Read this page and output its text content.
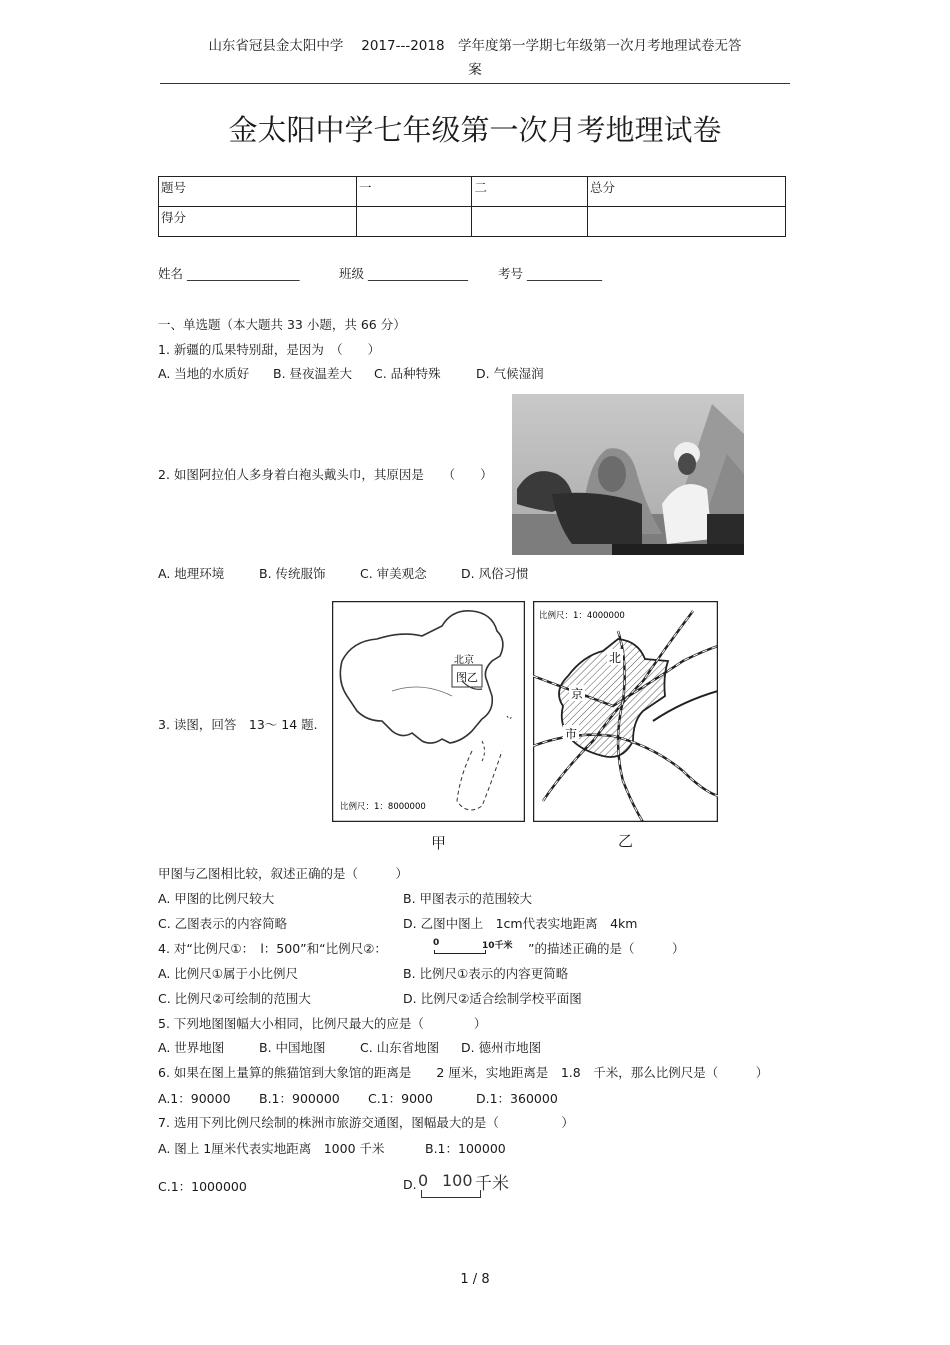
山东省冠县金太阳中学　 2017---2018　学年度第一学期七年级第一次月考地理试卷无答
案
金太阳中学七年级第一次月考地理试卷
题号	一	二	总分
得分			
姓名 __________________	班级 ________________ 考号 ____________
一、单选题（本大题共 33 小题，共 66 分）
1. 新疆的瓜果特别甜，是因为　（　　）
A. 当地的水质好 B. 昼夜温差大 C. 品种特殊	D. 气候湿润
2. 如图阿拉伯人多身着白袍头戴头巾，其原因是　　（　　）
A. 地理环境	B. 传统服饰	C. 审美观念	D. 风俗习惯
3. 读图，回答　13～ 14 题.
北京
图乙
比例尺：1：8000000
北
京
市
比例尺：1：4000000
甲	乙
甲图与乙图相比较，叙述正确的是（　　　）
A. 甲图的比例尺较大	B. 甲图表示的范围较大
C. 乙图表示的内容简略	D. 乙图中图上　1cm代表实地距离　4km
4. 对“比例尺①：　l：500”和“比例尺②：	0	10千米 ”的描述正确的是（　　　）
A. 比例尺①属于小比例尺	B. 比例尺①表示的内容更简略
C. 比例尺②可绘制的范围大	D. 比例尺②适合绘制学校平面图
5. 下列地图图幅大小相同，比例尺最大的应是（　　　　）
A. 世界地图	B. 中国地图	C. 山东省地图 D. 德州市地图
6. 如果在图上量算的熊猫馆到大象馆的距离是　　2 厘米，实地距离是　1.8　千米，那么比例尺是（　　　）
A.1：90000 B.1：900000 C.1：9000	D.1：360000
7. 选用下列比例尺绘制的株洲市旅游交通图，图幅最大的是（　　　　　）
A. 图上 1厘米代表实地距离　1000 千米	B.1：100000
C.1：1000000	D. 0 100 千米
1 / 8
